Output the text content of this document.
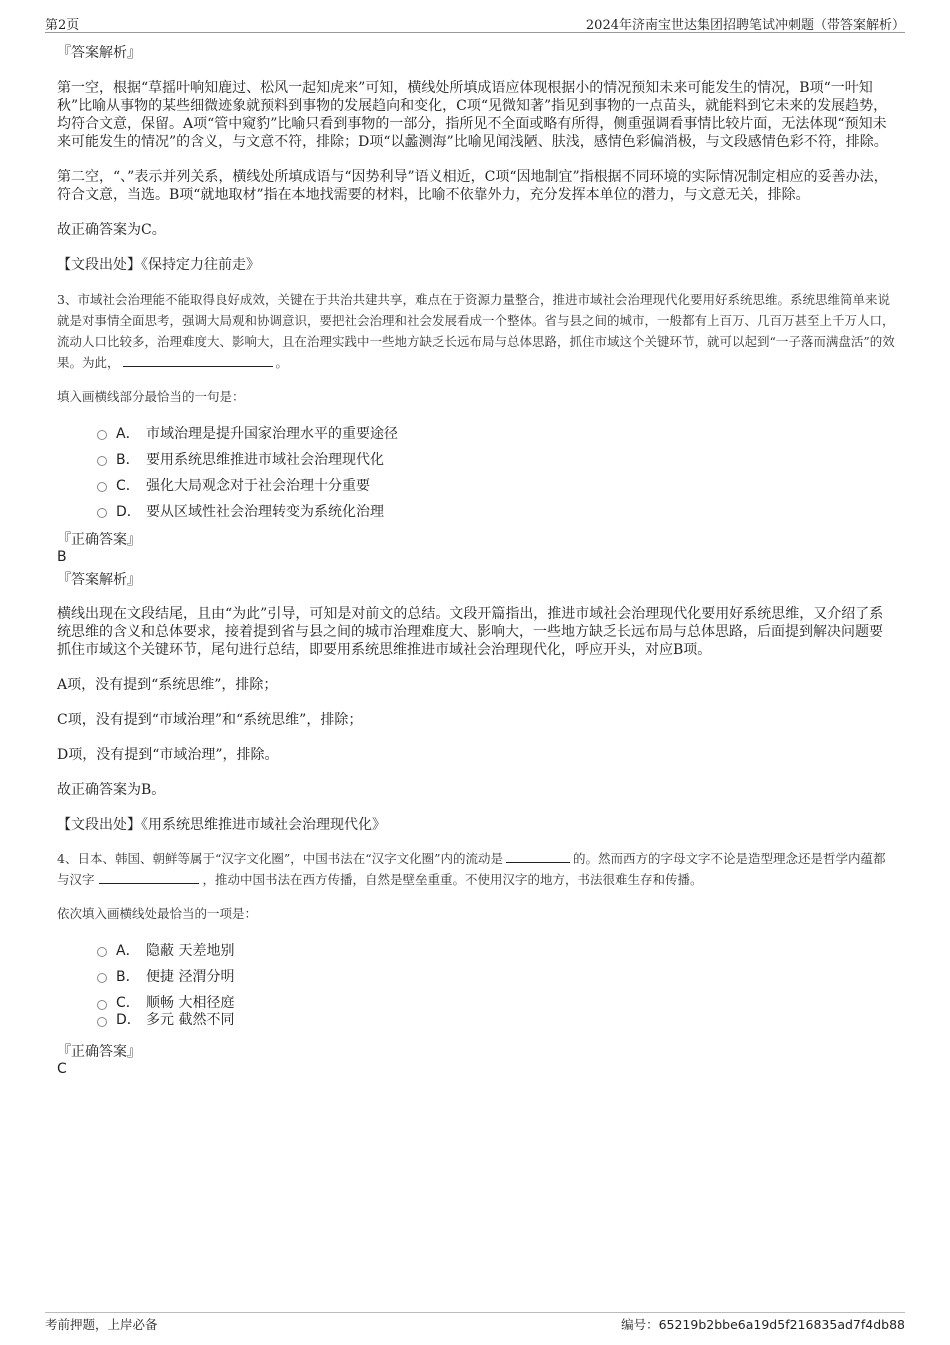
第2页	2024年济南宝世达集团招聘笔试冲刺题（带答案解析）

『答案解析』

第一空，根据“草摇叶响知鹿过、松风一起知虎来”可知，横线处所填成语应体现根据小的情况预知未来可能发生的情况，B项“一叶知秋”比喻从事物的某些细微迹象就预料到事物的发展趋向和变化，C项“见微知著”指见到事物的一点苗头，就能料到它未来的发展趋势，均符合文意，保留。A项“管中窥豹”比喻只看到事物的一部分，指所见不全面或略有所得，侧重强调看事情比较片面，无法体现“预知未来可能发生的情况”的含义，与文意不符，排除；D项“以蠡测海”比喻见闻浅陋、肤浅，感情色彩偏消极，与文段感情色彩不符，排除。

第二空，“、”表示并列关系，横线处所填成语与“因势利导”语义相近，C项“因地制宜”指根据不同环境的实际情况制定相应的妥善办法，符合文意，当选。B项“就地取材”指在本地找需要的材料，比喻不依靠外力，充分发挥本单位的潜力，与文意无关，排除。

故正确答案为C。

【文段出处】《保持定力往前走》

3、市域社会治理能不能取得良好成效，关键在于共治共建共享，难点在于资源力量整合，推进市域社会治理现代化要用好系统思维。系统思维简单来说就是对事情全面思考，强调大局观和协调意识，要把社会治理和社会发展看成一个整体。省与县之间的城市，一般都有上百万、几百万甚至上千万人口，流动人口比较多，治理难度大、影响大，且在治理实践中一些地方缺乏长远布局与总体思路，抓住市域这个关键环节，就可以起到“一子落而满盘活”的效果。为此，	。

填入画横线部分最恰当的一句是：

A． 市域治理是提升国家治理水平的重要途径
B． 要用系统思维推进市域社会治理现代化
C． 强化大局观念对于社会治理十分重要
D． 要从区域性社会治理转变为系统化治理

『正确答案』

B

『答案解析』

横线出现在文段结尾，且由“为此”引导，可知是对前文的总结。文段开篇指出，推进市域社会治理现代化要用好系统思维，又介绍了系统思维的含义和总体要求，接着提到省与县之间的城市治理难度大、影响大，一些地方缺乏长远布局与总体思路，后面提到解决问题要抓住市域这个关键环节，尾句进行总结，即要用系统思维推进市域社会治理现代化，呼应开头，对应B项。

A项，没有提到“系统思维”，排除；

C项，没有提到“市域治理”和“系统思维”，排除；

D项，没有提到“市域治理”，排除。

故正确答案为B。

【文段出处】《用系统思维推进市域社会治理现代化》

4、日本、韩国、朝鲜等属于“汉字文化圈”，中国书法在“汉字文化圈”内的流动是	的。然而西方的字母文字不论是造型理念还是哲学内蕴都与汉字	，推动中国书法在西方传播，自然是壁垒重重。不使用汉字的地方，书法很难生存和传播。

依次填入画横线处最恰当的一项是：

A． 隐蔽 天差地别
B． 便捷 泾渭分明
C． 顺畅 大相径庭
D． 多元 截然不同

『正确答案』

C

考前押题，上岸必备	编号：65219b2bbe6a19d5f216835ad7f4db88
